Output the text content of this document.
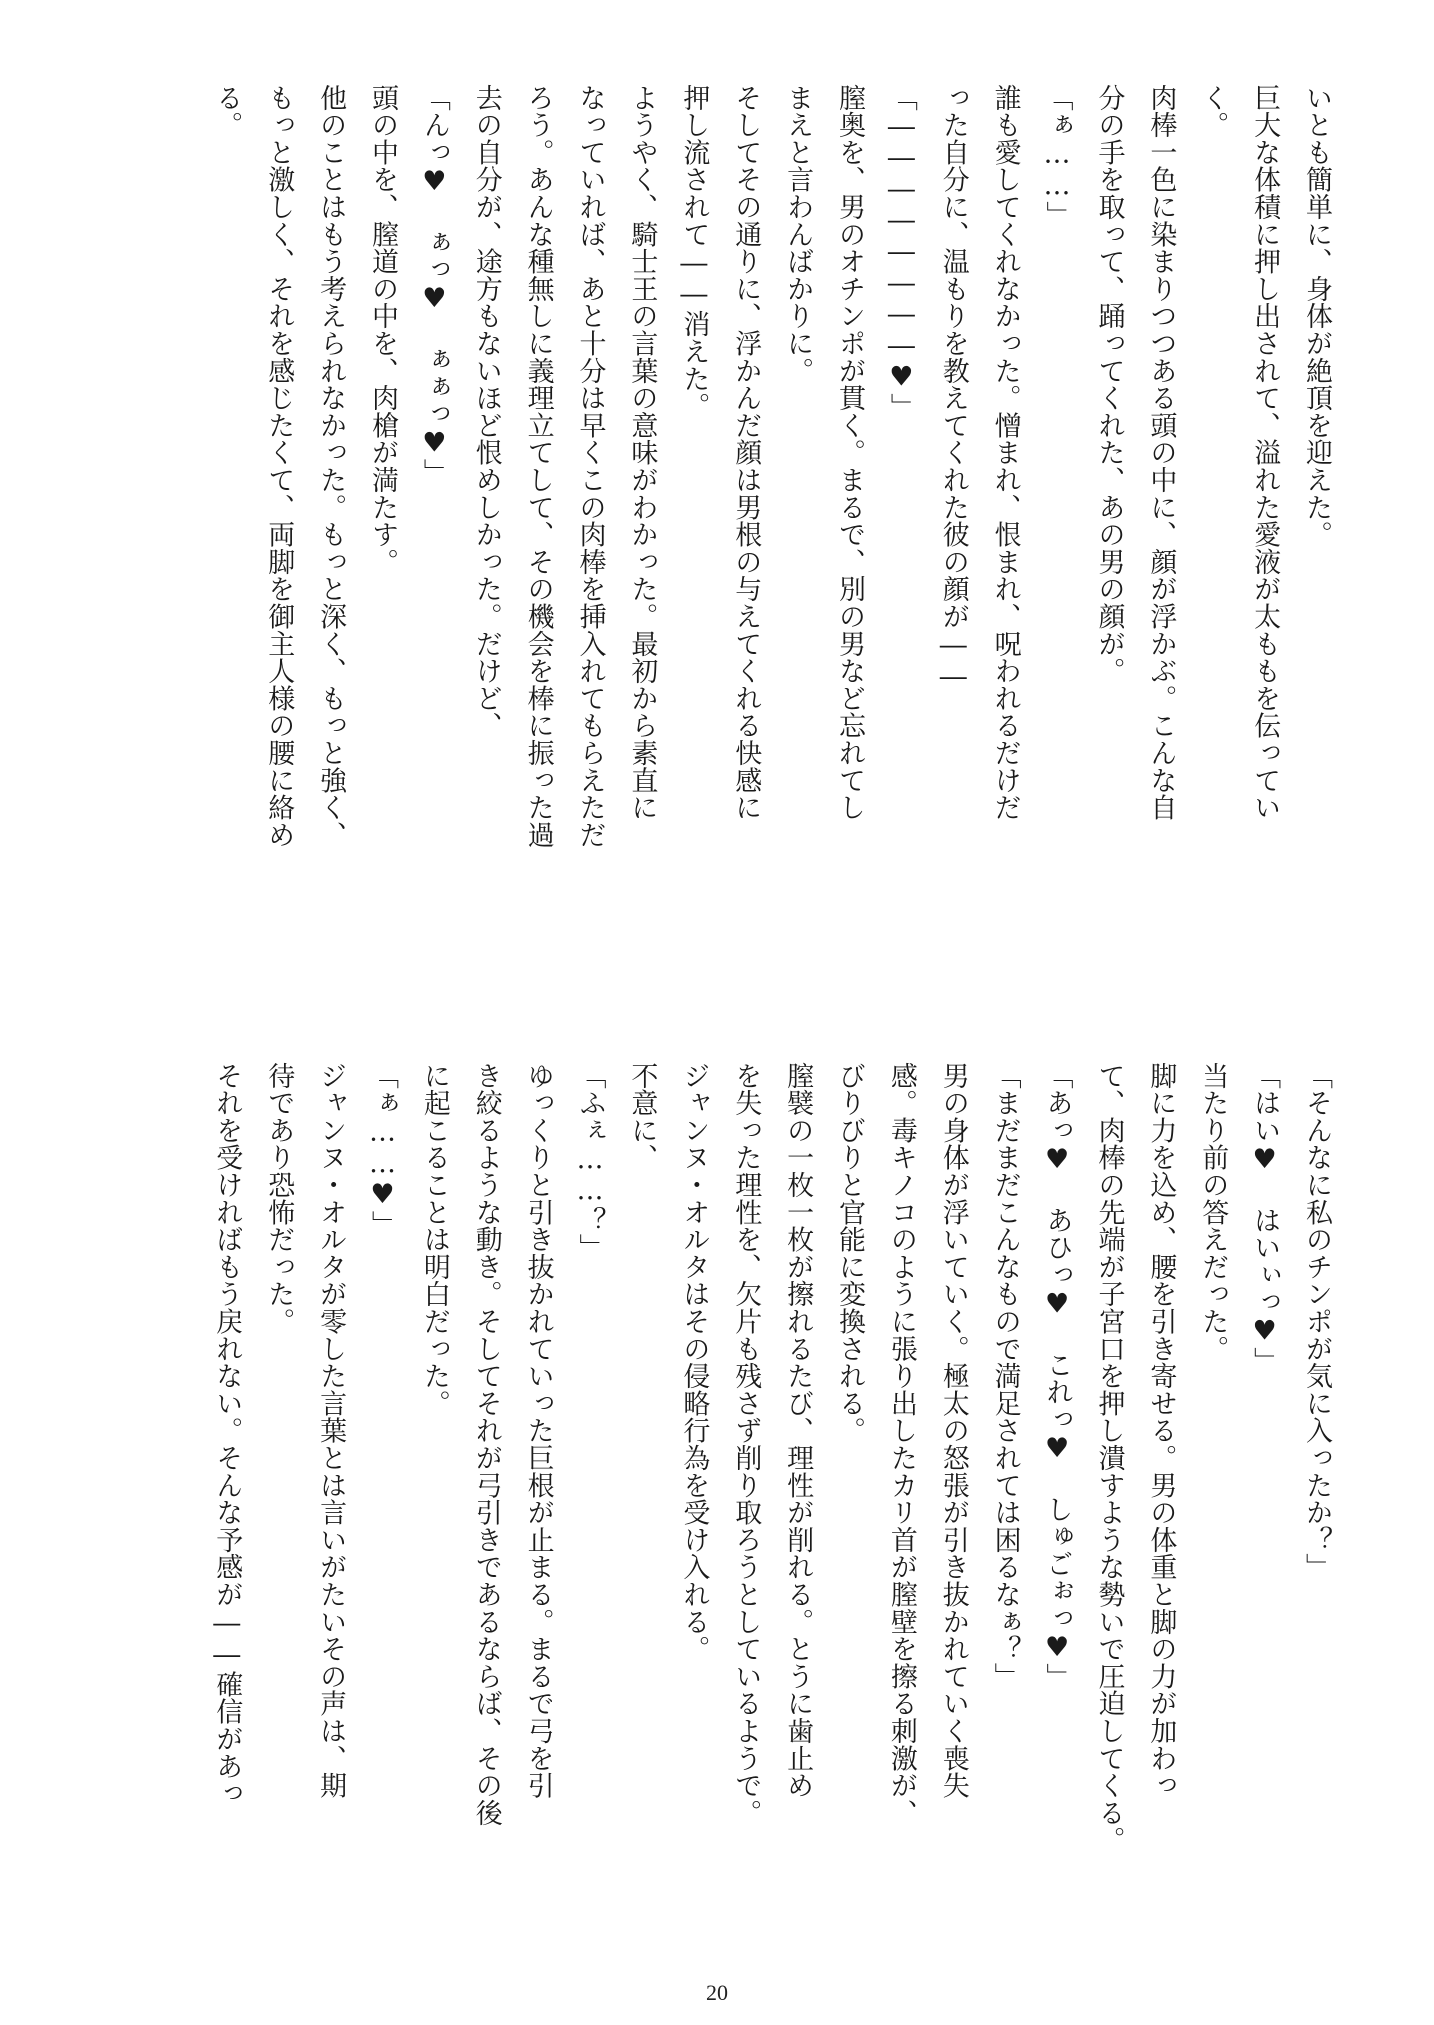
いとも簡単に、身体が絶頂を迎えた。
巨大な体積に押し出されて、溢れた愛液が太ももを伝ってい
く。
肉棒一色に染まりつつある頭の中に、顔が浮かぶ。こんな自
分の手を取って、踊ってくれた、あの男の顔が。
「ぁ……」
誰も愛してくれなかった。憎まれ、恨まれ、呪われるだけだ
った自分に、温もりを教えてくれた彼の顔が――
「――――――――♥」
膣奥を、男のオチンポが貫く。まるで、別の男など忘れてし
まえと言わんばかりに。
そしてその通りに、浮かんだ顔は男根の与えてくれる快感に
押し流されて――消えた。
ようやく、騎士王の言葉の意味がわかった。最初から素直に
なっていれば、あと十分は早くこの肉棒を挿入れてもらえただ
ろう。あんな種無しに義理立てして、その機会を棒に振った過
去の自分が、途方もないほど恨めしかった。だけど、
「んっ♥ ぁっ♥ ぁぁっ♥」
頭の中を、膣道の中を、肉槍が満たす。
他のことはもう考えられなかった。もっと深く、もっと強く、
もっと激しく、それを感じたくて、両脚を御主人様の腰に絡め
る。
「そんなに私のチンポが気に入ったか？」
「はい♥ はいぃっ♥」
当たり前の答えだった。
脚に力を込め、腰を引き寄せる。男の体重と脚の力が加わっ
て、肉棒の先端が子宮口を押し潰すような勢いで圧迫してくる。
「あっ♥ あひっ♥ これっ♥ しゅごぉっ♥」
「まだまだこんなもので満足されては困るなぁ？」
男の身体が浮いていく。極太の怒張が引き抜かれていく喪失
感。毒キノコのように張り出したカリ首が膣壁を擦る刺激が、
びりびりと官能に変換される。
膣襞の一枚一枚が擦れるたび、理性が削れる。とうに歯止め
を失った理性を、欠片も残さず削り取ろうとしているようで。
ジャンヌ・オルタはその侵略行為を受け入れる。
不意に、
「ふぇ……？」
ゆっくりと引き抜かれていった巨根が止まる。まるで弓を引
き絞るような動き。そしてそれが弓引きであるならば、その後
に起こることは明白だった。
「ぁ……♥」
ジャンヌ・オルタが零した言葉とは言いがたいその声は、期
待であり恐怖だった。
それを受ければもう戻れない。そんな予感が――確信があっ
20
